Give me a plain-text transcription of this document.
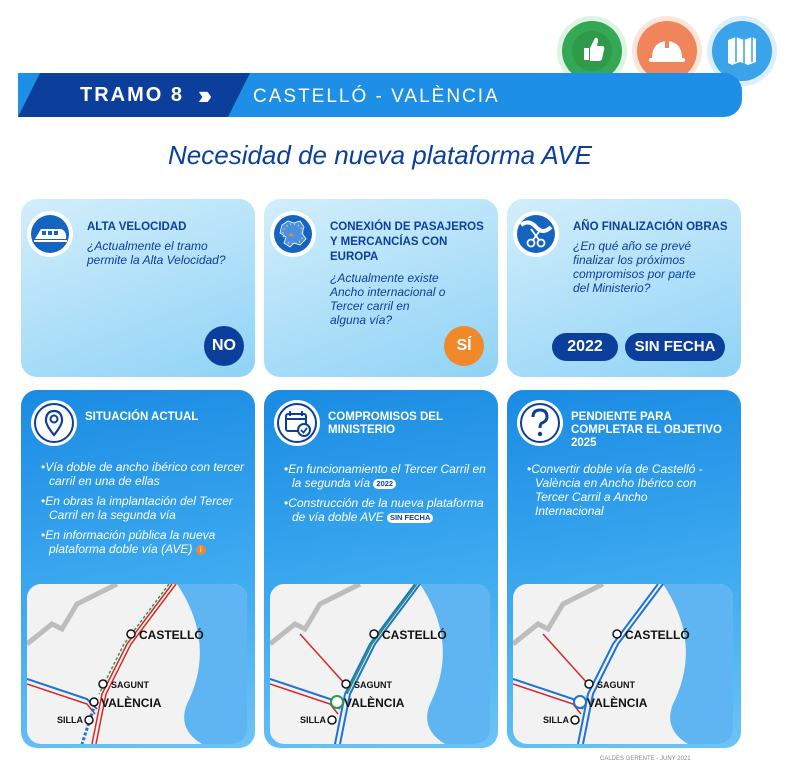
TRAMO 8 ››› CASTELLÓ - VALÈNCIA
Necesidad de nueva plataforma AVE
ALTA VELOCIDAD
¿Actualmente el tramo permite la Alta Velocidad?
NO
CONEXIÓN DE PASAJEROS Y MERCANCÍAS CON EUROPA
¿Actualmente existe Ancho internacional o Tercer carril en alguna vía?
SÍ
AÑO FINALIZACIÓN OBRAS
¿En qué año se prevé finalizar los próximos compromisos por parte del Ministerio?
2022	SIN FECHA
SITUACIÓN ACTUAL
• Vía doble de ancho ibérico con tercer carril en una de ellas
• En obras la implantación del Tercer Carril en la segunda vía
• En información pública la nueva plataforma doble vía (AVE) i
CASTELLÓ
SAGUNT
VALÈNCIA
SILLA
COMPROMISOS DEL MINISTERIO
• En funcionamiento el Tercer Carril en la segunda vía 2022
• Construcción de la nueva plataforma de vía doble AVE SIN FECHA
CASTELLÓ
SAGUNT
VALÈNCIA
SILLA
PENDIENTE PARA COMPLETAR EL OBJETIVO 2025
• Convertir doble vía de Castelló - València en Ancho Ibérico con Tercer Carril a Ancho Internacional
CASTELLÓ
SAGUNT
VALÈNCIA
SILLA
CALDES GERENTE - JUNY 2021
